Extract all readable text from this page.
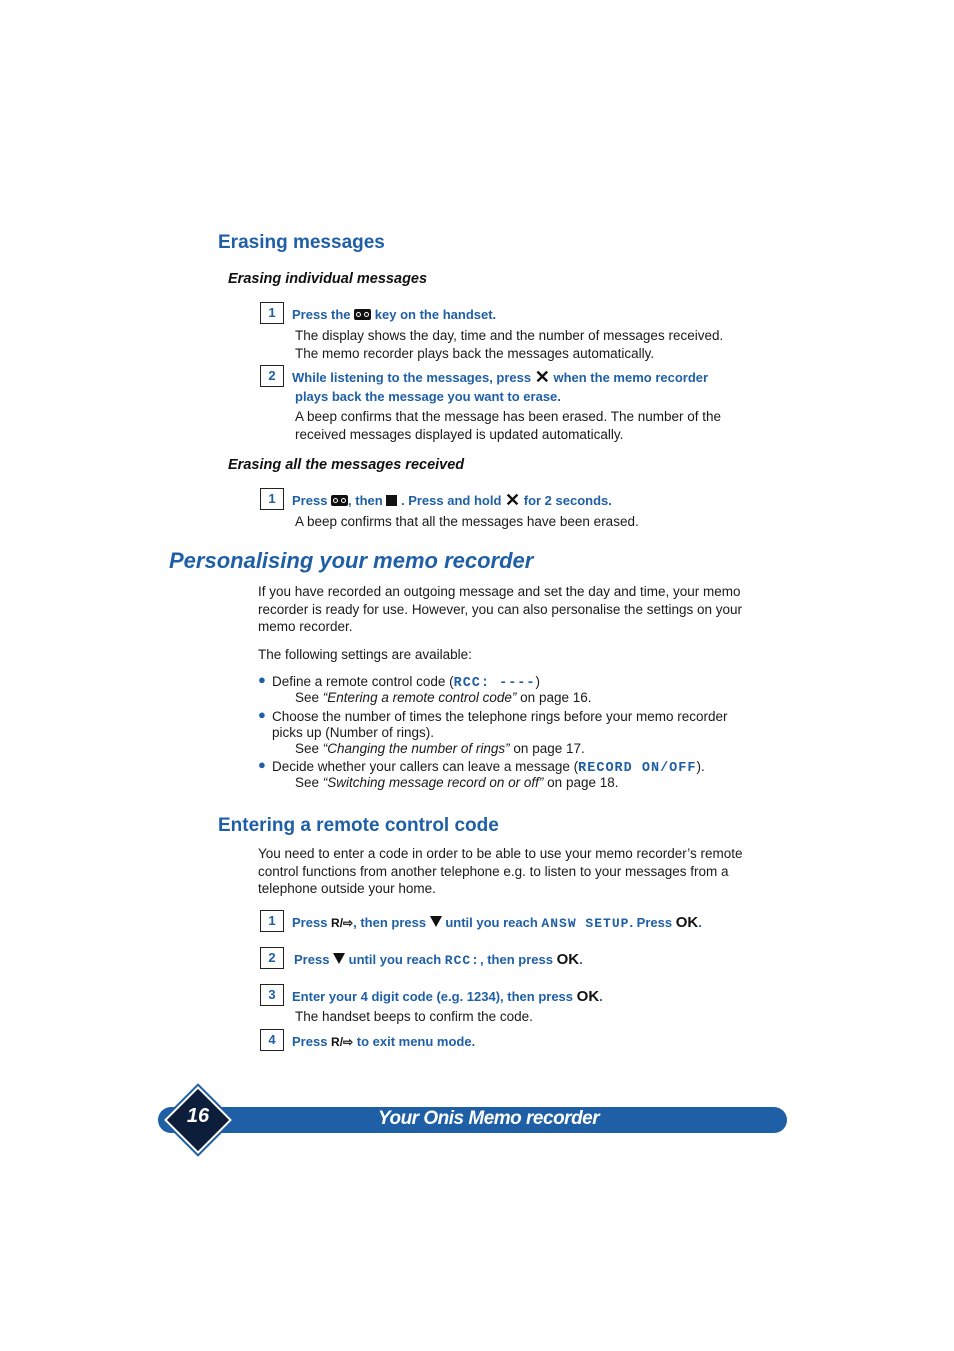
Erasing messages
Erasing individual messages
1	Press the key on the handset.
The display shows the day, time and the number of messages received.
The memo recorder plays back the messages automatically.
2	While listening to the messages, press ✕ when the memo recorder
plays back the message you want to erase.
A beep confirms that the message has been erased. The number of the
received messages displayed is updated automatically.
Erasing all the messages received
1	Press , then . Press and hold ✕ for 2 seconds.
A beep confirms that all the messages have been erased.
Personalising your memo recorder
If you have recorded an outgoing message and set the day and time, your memo
recorder is ready for use. However, you can also personalise the settings on your
memo recorder.
The following settings are available:
● Define a remote control code (RCC: ----)
See “Entering a remote control code” on page 16.
● Choose the number of times the telephone rings before your memo recorder
picks up (Number of rings).
See “Changing the number of rings” on page 17.
● Decide whether your callers can leave a message (RECORD ON/OFF).
See “Switching message record on or off” on page 18.
Entering a remote control code
You need to enter a code in order to be able to use your memo recorder’s remote
control functions from another telephone e.g. to listen to your messages from a
telephone outside your home.
1	Press R/⇨, then press until you reach ANSW SETUP. Press OK.
2	Press until you reach RCC:, then press OK.
3	Enter your 4 digit code (e.g. 1234), then press OK.
The handset beeps to confirm the code.
4	Press R/⇨ to exit menu mode.
16	Your Onis Memo recorder
